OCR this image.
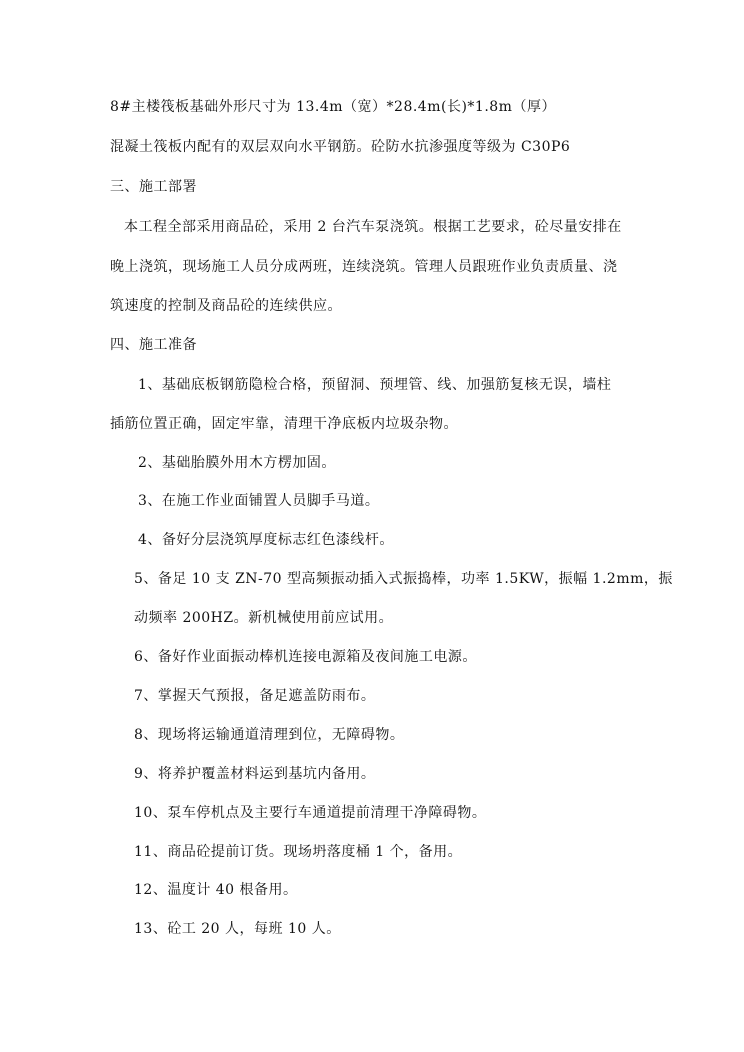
8#主楼筏板基础外形尺寸为 13.4m（宽）*28.4m(长)*1.8m（厚）
混凝土筏板内配有的双层双向水平钢筋。砼防水抗渗强度等级为 C30P6
三、施工部署
本工程全部采用商品砼，采用 2 台汽车泵浇筑。根据工艺要求，砼尽量安排在
晚上浇筑，现场施工人员分成两班，连续浇筑。管理人员跟班作业负责质量、浇
筑速度的控制及商品砼的连续供应。
四、施工准备
1、基础底板钢筋隐检合格，预留洞、预埋管、线、加强筋复核无误，墙柱
插筋位置正确，固定牢靠，清理干净底板内垃圾杂物。
2、基础胎膜外用木方楞加固。
3、在施工作业面铺置人员脚手马道。
4、备好分层浇筑厚度标志红色漆线杆。
5、备足 10 支 ZN-70 型高频振动插入式振捣棒，功率 1.5KW，振幅 1.2mm，振
动频率 200HZ。新机械使用前应试用。
6、备好作业面振动棒机连接电源箱及夜间施工电源。
7、掌握天气预报，备足遮盖防雨布。
8、现场将运输通道清理到位，无障碍物。
9、将养护覆盖材料运到基坑内备用。
10、泵车停机点及主要行车通道提前清理干净障碍物。
11、商品砼提前订货。现场坍落度桶 1 个，备用。
12、温度计 40 根备用。
13、砼工 20 人，每班 10 人。
